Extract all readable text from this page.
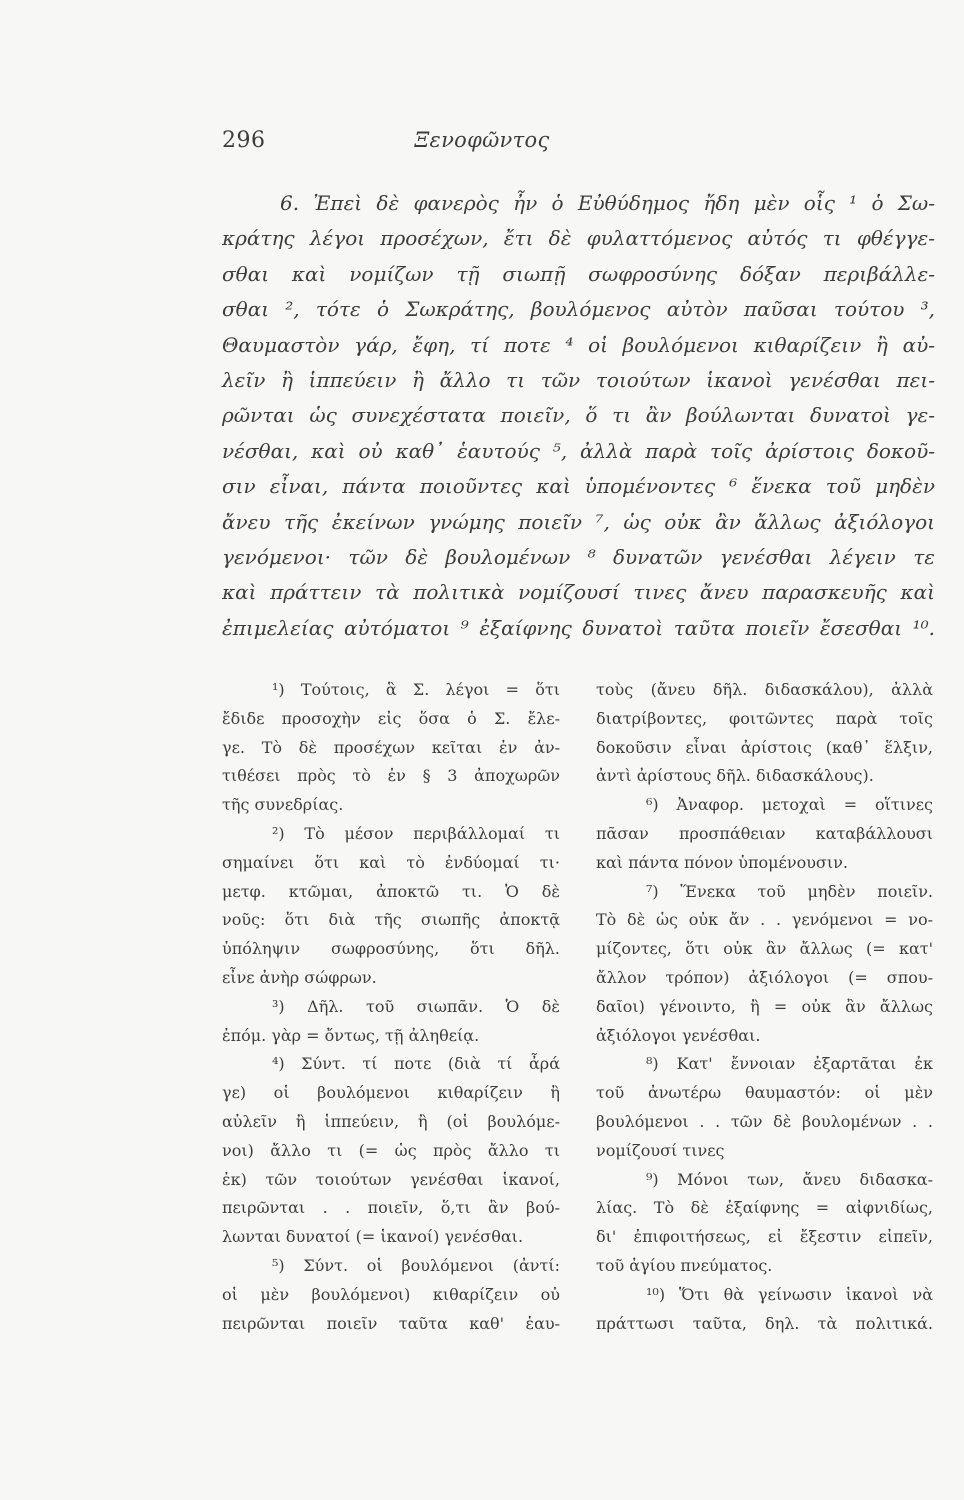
296	Ξενοφῶντος
6. Ἐπεὶ δὲ φανερὸς ἦν ὁ Εὐθύδημος ἤδη μὲν οἷς ¹ ὁ Σω-
κράτης λέγοι προσέχων, ἔτι δὲ φυλαττόμενος αὐτός τι φθέγγε-
σθαι καὶ νομίζων τῇ σιωπῇ σωφροσύνης δόξαν περιβάλλε-
σθαι ², τότε ὁ Σωκράτης, βουλόμενος αὐτὸν παῦσαι τούτου ³,
Θαυμαστὸν γάρ, ἔφη, τί ποτε ⁴ οἱ βουλόμενοι κιθαρίζειν ἢ αὐ-
λεῖν ἢ ἱππεύειν ἢ ἄλλο τι τῶν τοιούτων ἱκανοὶ γενέσθαι πει-
ρῶνται ὡς συνεχέστατα ποιεῖν, ὅ τι ἂν βούλωνται δυνατοὶ γε-
νέσθαι, καὶ οὐ καθ᾽ ἑαυτούς ⁵, ἀλλὰ παρὰ τοῖς ἀρίστοις δοκοῦ-
σιν εἶναι, πάντα ποιοῦντες καὶ ὑπομένοντες ⁶ ἕνεκα τοῦ μηδὲν
ἄνευ τῆς ἐκείνων γνώμης ποιεῖν ⁷, ὡς οὐκ ἂν ἄλλως ἀξιόλογοι
γενόμενοι· τῶν δὲ βουλομένων ⁸ δυνατῶν γενέσθαι λέγειν τε
καὶ πράττειν τὰ πολιτικὰ νομίζουσί τινες ἄνευ παρασκευῆς καὶ
ἐπιμελείας αὐτόματοι ⁹ ἐξαίφνης δυνατοὶ ταῦτα ποιεῖν ἔσεσθαι ¹⁰.
¹) Τούτοις, ἃ Σ. λέγοι = ὅτι
ἔδιδε προσοχὴν εἰς ὅσα ὁ Σ. ἔλε-
γε. Τὸ δὲ προσέχων κεῖται ἐν ἀν-
τιθέσει πρὸς τὸ ἐν § 3 ἀποχωρῶν
τῆς συνεδρίας.
²) Τὸ μέσον περιβάλλομαί τι
σημαίνει ὅτι καὶ τὸ ἐνδύομαί τι·
μετφ. κτῶμαι, ἀποκτῶ τι. Ὁ δὲ
νοῦς: ὅτι διὰ τῆς σιωπῆς ἀποκτᾷ
ὑπόληψιν σωφροσύνης, ὅτι δῆλ.
εἶνε ἀνὴρ σώφρων.
³) Δῆλ. τοῦ σιωπᾶν. Ὁ δὲ
ἐπόμ. γὰρ = ὄντως, τῇ ἀληθείᾳ.
⁴) Σύντ. τί ποτε (διὰ τί ἆρά
γε) οἱ βουλόμενοι κιθαρίζειν ἢ
αὐλεῖν ἢ ἱππεύειν, ἢ (οἱ βουλόμε-
νοι) ἄλλο τι (= ὡς πρὸς ἄλλο τι
ἐκ) τῶν τοιούτων γενέσθαι ἱκανοί,
πειρῶνται . . ποιεῖν, ὅ,τι ἂν βού-
λωνται δυνατοί (= ἱκανοί) γενέσθαι.
⁵) Σύντ. οἱ βουλόμενοι (ἀντί:
οἱ μὲν βουλόμενοι) κιθαρίζειν οὐ
πειρῶνται ποιεῖν ταῦτα καθ' ἑαυ-
τοὺς (ἄνευ δῆλ. διδασκάλου), ἀλλὰ
διατρίβοντες, φοιτῶντες παρὰ τοῖς
δοκοῦσιν εἶναι ἀρίστοις (καθ᾽ ἕλξιν,
ἀντὶ ἀρίστους δῆλ. διδασκάλους).
⁶) Ἀναφορ. μετοχαὶ = οἵτινες
πᾶσαν προσπάθειαν καταβάλλουσι
καὶ πάντα πόνον ὑπομένουσιν.
⁷) Ἕνεκα τοῦ μηδὲν ποιεῖν.
Τὸ δὲ ὡς οὐκ ἄν . . γενόμενοι = νο-
μίζοντες, ὅτι οὐκ ἂν ἄλλως (= κατ'
ἄλλον τρόπον) ἀξιόλογοι (= σπου-
δαῖοι) γένοιντο, ἢ = οὐκ ἂν ἄλλως
ἀξιόλογοι γενέσθαι.
⁸) Κατ' ἔννοιαν ἐξαρτᾶται ἐκ
τοῦ ἀνωτέρω θαυμαστόν: οἱ μὲν
βουλόμενοι . . τῶν δὲ βουλομένων . .
νομίζουσί τινες
⁹) Μόνοι των, ἄνευ διδασκα-
λίας. Τὸ δὲ ἐξαίφνης = αἰφνιδίως,
δι' ἐπιφοιτήσεως, εἰ ἔξεστιν εἰπεῖν,
τοῦ ἁγίου πνεύματος.
¹⁰) Ὅτι θὰ γείνωσιν ἱκανοὶ νὰ
πράττωσι ταῦτα, δηλ. τὰ πολιτικά.
